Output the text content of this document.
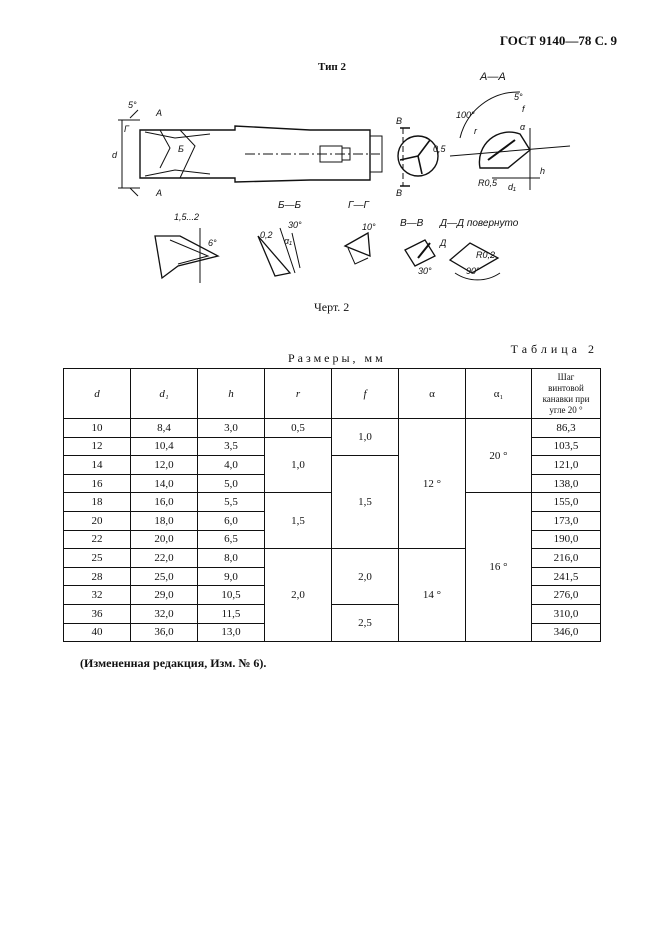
ГОСТ 9140—78 С. 9
Тип 2
А—А
Б—Б	Г—Г
В—В Д—Д повернуто
5°
100°
5°
r
f
α
R0,5 d₁
h
d
А
А
Г
Б
В
В
0,5
1,5...2
6°
30°
0,2
α₁
10°
30°
Д
R0,2
90°
Черт. 2
Таблица 2
Размеры, мм
d	d₁	h	r	f	α	α₁	Шаг
винтовой
канавки при
угле 20 °
10	8,4	3,0	0,5	1,0	12 °	20 °	86,3
12	10,4	3,5	1,0				103,5
14	12,0	4,0		1,5			121,0
16	14,0	5,0					138,0
18	16,0	5,5	1,5			16 °	155,0
20	18,0	6,0					173,0
22	20,0	6,5					190,0
25	22,0	8,0	2,0	2,0	14 °		216,0
28	25,0	9,0					241,5
32	29,0	10,5					276,0
36	32,0	11,5		2,5			310,0
40	36,0	13,0					346,0
(Измененная редакция, Изм. № 6).
